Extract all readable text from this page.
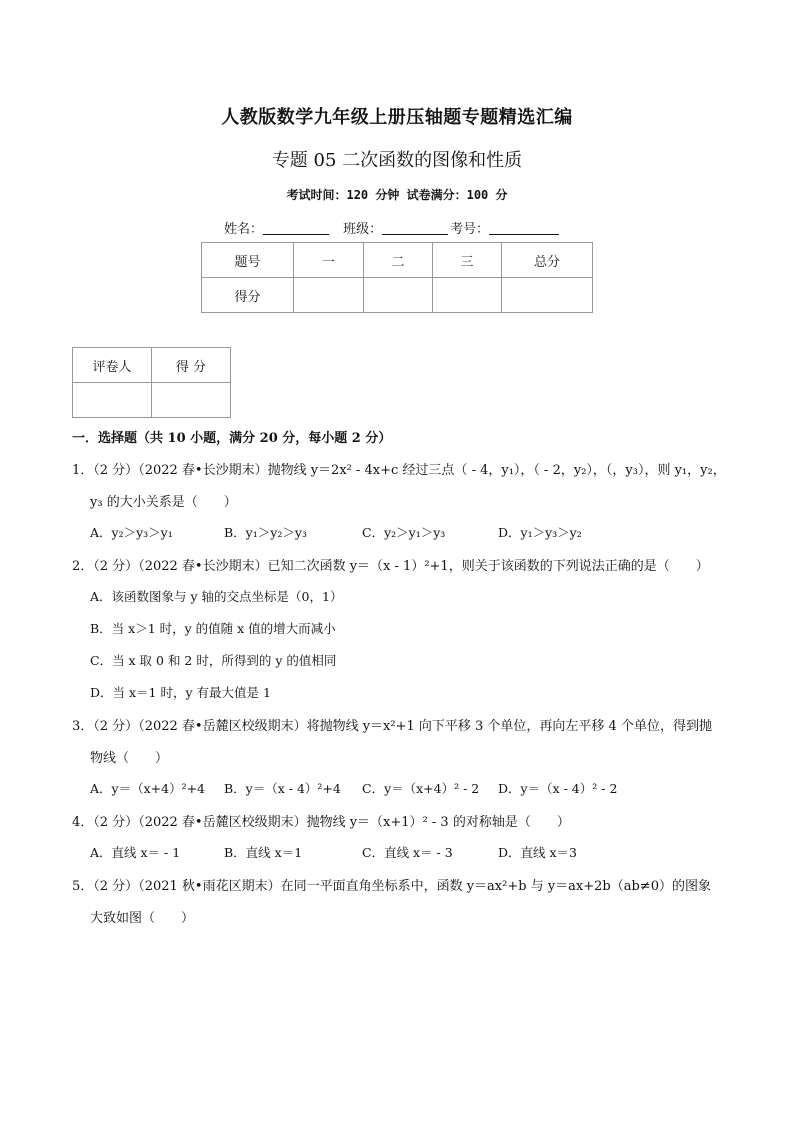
人教版数学九年级上册压轴题专题精选汇编
专题 05 二次函数的图像和性质
考试时间：120 分钟 试卷满分：100 分
姓名：	班级：	考号：
题号	一	二	三	总分
得分				
评卷人	得 分

一．选择题（共 10 小题，满分 20 分，每小题 2 分）
1．（2 分）（2022 春•长沙期末）抛物线 y＝2x² - 4x+c 经过三点（ - 4，y₁），（ - 2，y₂），（，y₃），则 y₁，y₂，
y₃ 的大小关系是（　　）
A．y₂＞y₃＞y₁	B．y₁＞y₂＞y₃	C．y₂＞y₁＞y₃	D．y₁＞y₃＞y₂
2．（2 分）（2022 春•长沙期末）已知二次函数 y＝（x - 1）²+1，则关于该函数的下列说法正确的是（　　）
A．该函数图象与 y 轴的交点坐标是（0，1）
B．当 x＞1 时，y 的值随 x 值的增大而减小
C．当 x 取 0 和 2 时，所得到的 y 的值相同
D．当 x＝1 时，y 有最大值是 1
3．（2 分）（2022 春•岳麓区校级期末）将抛物线 y＝x²+1 向下平移 3 个单位，再向左平移 4 个单位，得到抛
物线（　　）
A．y＝（x+4）²+4 B．y＝（x - 4）²+4 C．y＝（x+4）² - 2 D．y＝（x - 4）² - 2
4．（2 分）（2022 春•岳麓区校级期末）抛物线 y＝（x+1）² - 3 的对称轴是（　　）
A．直线 x＝ - 1	B．直线 x＝1	C．直线 x＝ - 3	D．直线 x＝3
5．（2 分）（2021 秋•雨花区期末）在同一平面直角坐标系中，函数 y＝ax²+b 与 y＝ax+2b（ab≠0）的图象
大致如图（　　）
